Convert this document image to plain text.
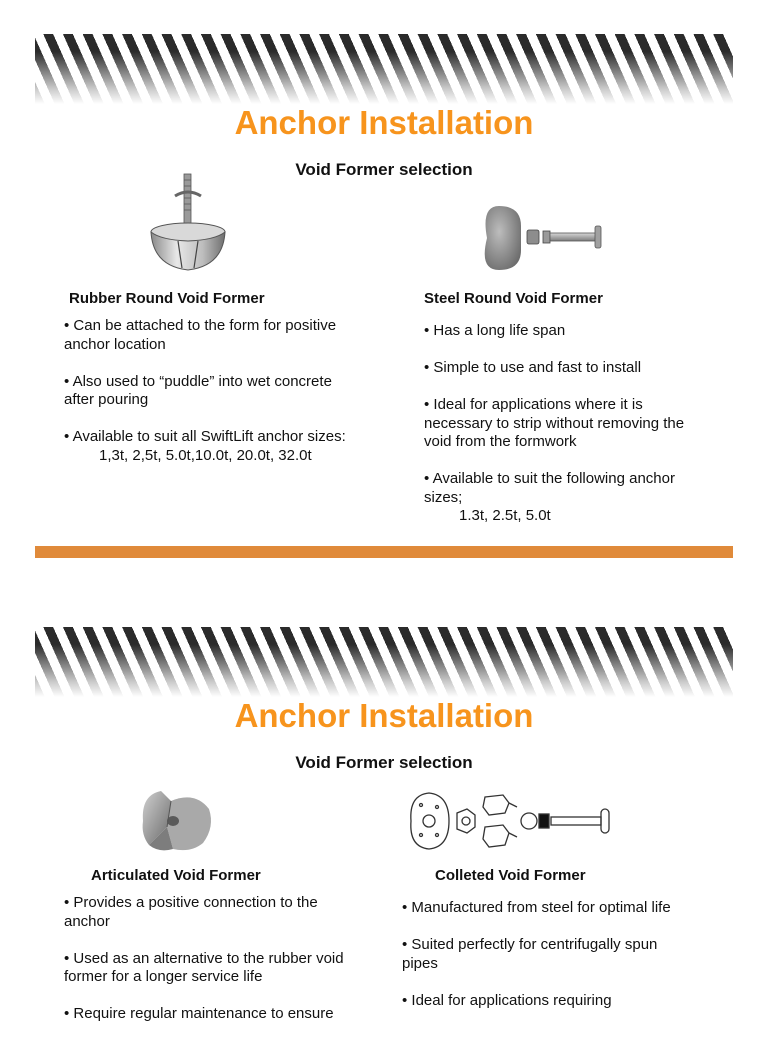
Anchor Installation
Void Former selection
Rubber Round Void Former	Steel Round Void Former

• Can be attached to the form for positive anchor location

• Also used to “puddle” into wet concrete after pouring

• Available to suit all SwiftLift anchor sizes:
1,3t, 2,5t, 5.0t,10.0t, 20.0t, 32.0t

• Has a long life span

• Simple to use and fast to install

• Ideal for applications where it is necessary to strip without removing the void from the formwork

• Available to suit the following anchor sizes;
1.3t, 2.5t, 5.0t

Anchor Installation
Void Former selection
Articulated Void Former	Colleted Void Former

• Provides a positive connection to the anchor

• Used as an alternative to the rubber void former for a longer service life

• Require regular maintenance to ensure

• Manufactured from steel for optimal life

• Suited perfectly for centrifugally spun pipes

• Ideal for applications requiring
